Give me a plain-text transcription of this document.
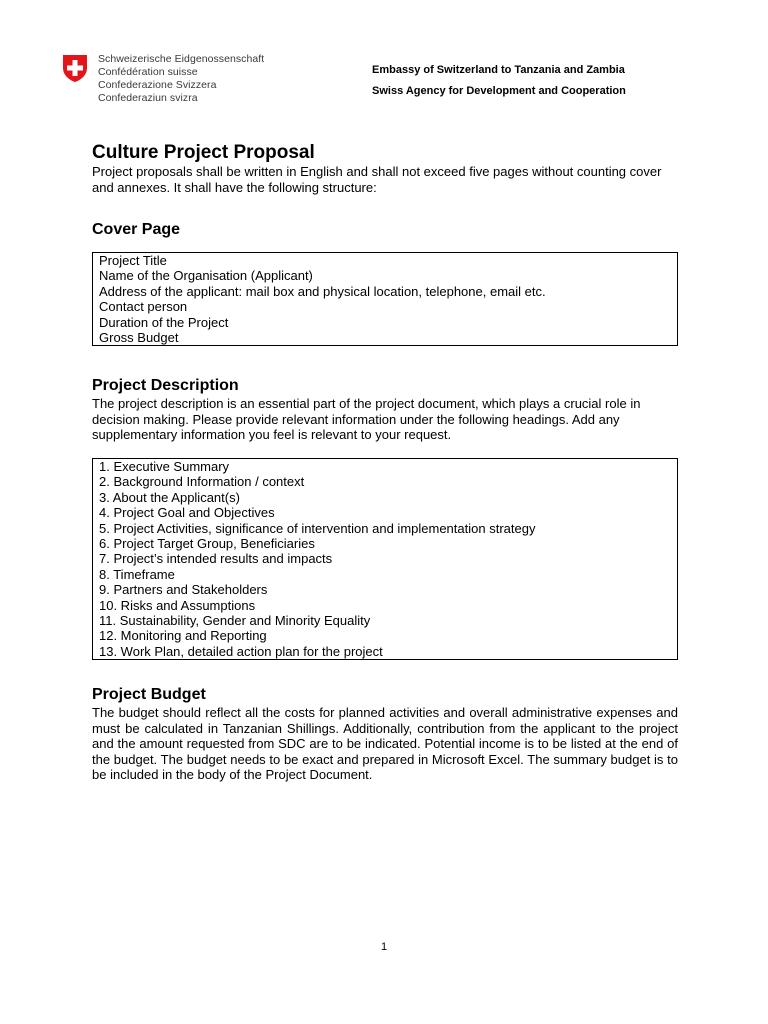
Schweizerische Eidgenossenschaft
Confédération suisse
Confederazione Svizzera
Confederaziun svizra
Embassy of Switzerland to Tanzania and Zambia
Swiss Agency for Development and Cooperation
Culture Project Proposal

Project proposals shall be written in English and shall not exceed five pages without counting cover and annexes. It shall have the following structure:

Cover Page
Project Title
Name of the Organisation (Applicant)
Address of the applicant: mail box and physical location, telephone, email etc.
Contact person
Duration of the Project
Gross Budget
Project Description

The project description is an essential part of the project document, which plays a crucial role in decision making. Please provide relevant information under the following headings. Add any supplementary information you feel is relevant to your request.

1. Executive Summary
2. Background Information / context
3. About the Applicant(s)
4. Project Goal and Objectives
5. Project Activities, significance of intervention and implementation strategy
6. Project Target Group, Beneficiaries
7. Project’s intended results and impacts
8. Timeframe
9. Partners and Stakeholders
10. Risks and Assumptions
11. Sustainability, Gender and Minority Equality
12. Monitoring and Reporting
13. Work Plan, detailed action plan for the project
Project Budget

The budget should reflect all the costs for planned activities and overall administrative expenses and must be calculated in Tanzanian Shillings. Additionally, contribution from the applicant to the project and the amount requested from SDC are to be indicated. Potential income is to be listed at the end of the budget. The budget needs to be exact and prepared in Microsoft Excel. The summary budget is to be included in the body of the Project Document.

1
